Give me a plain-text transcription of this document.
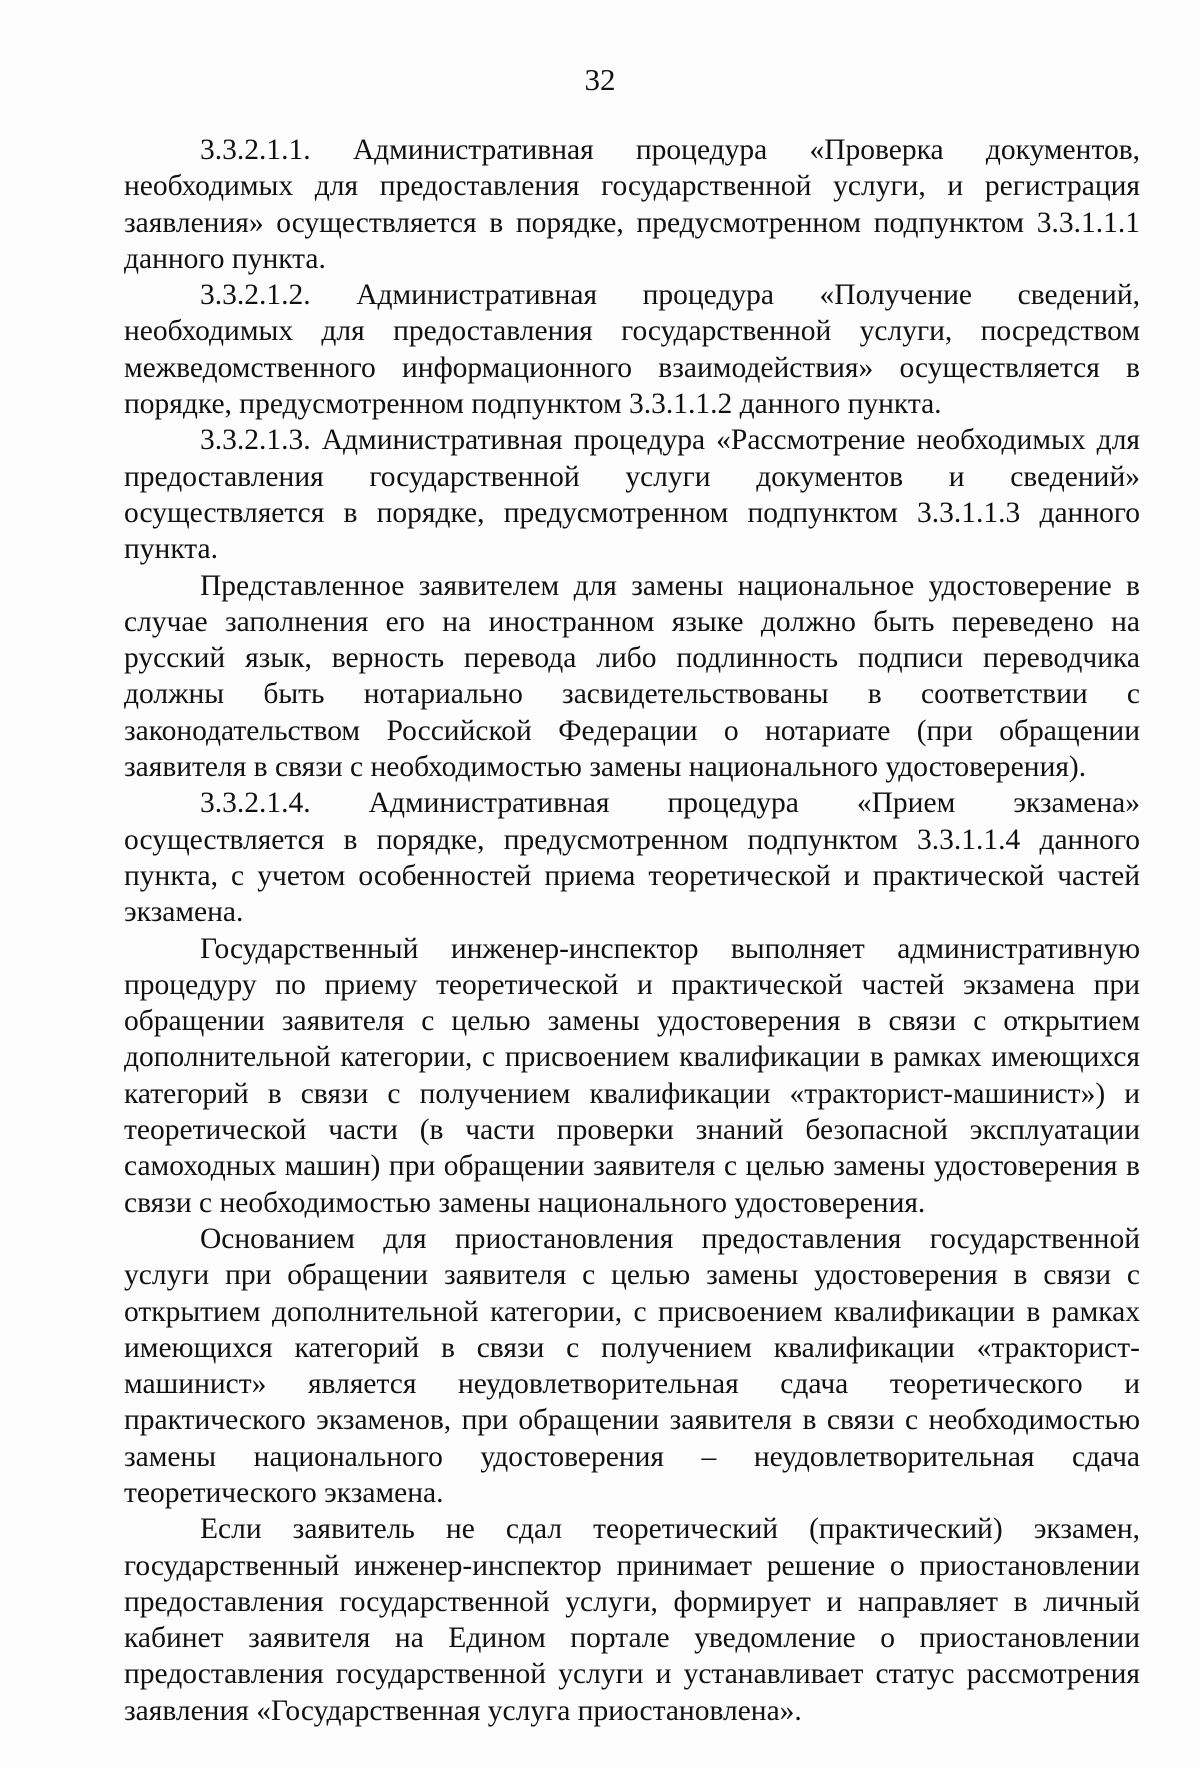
32

3.3.2.1.1. Административная процедура «Проверка документов, необходимых для предоставления государственной услуги, и регистрация заявления» осуществляется в порядке, предусмотренном подпунктом 3.3.1.1.1 данного пункта.

3.3.2.1.2. Административная процедура «Получение сведений, необходимых для предоставления государственной услуги, посредством межведомственного информационного взаимодействия» осуществляется в порядке, предусмотренном подпунктом 3.3.1.1.2 данного пункта.

3.3.2.1.3. Административная процедура «Рассмотрение необходимых для предоставления государственной услуги документов и сведений» осуществляется в порядке, предусмотренном подпунктом 3.3.1.1.3 данного пункта.

Представленное заявителем для замены национальное удостоверение в случае заполнения его на иностранном языке должно быть переведено на русский язык, верность перевода либо подлинность подписи переводчика должны быть нотариально засвидетельствованы в соответствии с законодательством Российской Федерации о нотариате (при обращении заявителя в связи с необходимостью замены национального удостоверения).

3.3.2.1.4. Административная процедура «Прием экзамена» осуществляется в порядке, предусмотренном подпунктом 3.3.1.1.4 данного пункта, с учетом особенностей приема теоретической и практической частей экзамена.

Государственный инженер-инспектор выполняет административную процедуру по приему теоретической и практической частей экзамена при обращении заявителя с целью замены удостоверения в связи с открытием дополнительной категории, с присвоением квалификации в рамках имеющихся категорий в связи с получением квалификации «тракторист-машинист») и теоретической части (в части проверки знаний безопасной эксплуатации самоходных машин) при обращении заявителя с целью замены удостоверения в связи с необходимостью замены национального удостоверения.

Основанием для приостановления предоставления государственной услуги при обращении заявителя с целью замены удостоверения в связи с открытием дополнительной категории, с присвоением квалификации в рамках имеющихся категорий в связи с получением квалификации «тракторист-машинист» является неудовлетворительная сдача теоретического и практического экзаменов, при обращении заявителя в связи с необходимостью замены национального удостоверения – неудовлетворительная сдача теоретического экзамена.

Если заявитель не сдал теоретический (практический) экзамен, государственный инженер-инспектор принимает решение о приостановлении предоставления государственной услуги, формирует и направляет в личный кабинет заявителя на Едином портале уведомление о приостановлении предоставления государственной услуги и устанавливает статус рассмотрения заявления «Государственная услуга приостановлена».
